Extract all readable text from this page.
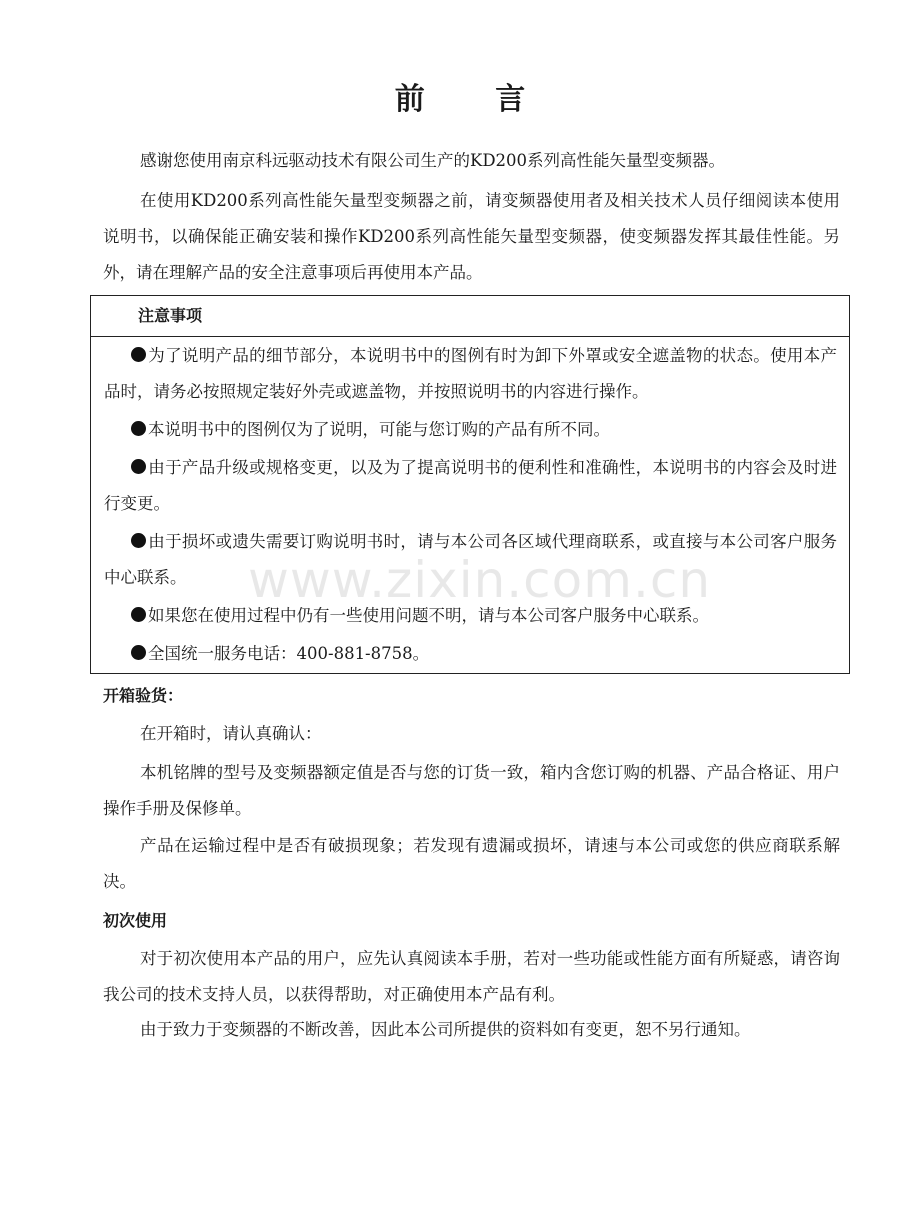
前 言

感谢您使用南京科远驱动技术有限公司生产的KD200系列高性能矢量型变频器。

在使用KD200系列高性能矢量型变频器之前，请变频器使用者及相关技术人员仔细阅读本使用说明书，以确保能正确安装和操作KD200系列高性能矢量型变频器，使变频器发挥其最佳性能。另外，请在理解产品的安全注意事项后再使用本产品。

注意事项

为了说明产品的细节部分，本说明书中的图例有时为卸下外罩或安全遮盖物的状态。使用本产品时，请务必按照规定装好外壳或遮盖物，并按照说明书的内容进行操作。

本说明书中的图例仅为了说明，可能与您订购的产品有所不同。

由于产品升级或规格变更，以及为了提高说明书的便利性和准确性，本说明书的内容会及时进行变更。

由于损坏或遗失需要订购说明书时，请与本公司各区域代理商联系，或直接与本公司客户服务中心联系。

如果您在使用过程中仍有一些使用问题不明，请与本公司客户服务中心联系。

全国统一服务电话：400-881-8758。

www.zixin.com.cn
开箱验货：

在开箱时，请认真确认：

本机铭牌的型号及变频器额定值是否与您的订货一致，箱内含您订购的机器、产品合格证、用户操作手册及保修单。

产品在运输过程中是否有破损现象；若发现有遗漏或损坏，请速与本公司或您的供应商联系解决。

初次使用

对于初次使用本产品的用户，应先认真阅读本手册，若对一些功能或性能方面有所疑惑，请咨询我公司的技术支持人员，以获得帮助，对正确使用本产品有利。

由于致力于变频器的不断改善，因此本公司所提供的资料如有变更，恕不另行通知。
